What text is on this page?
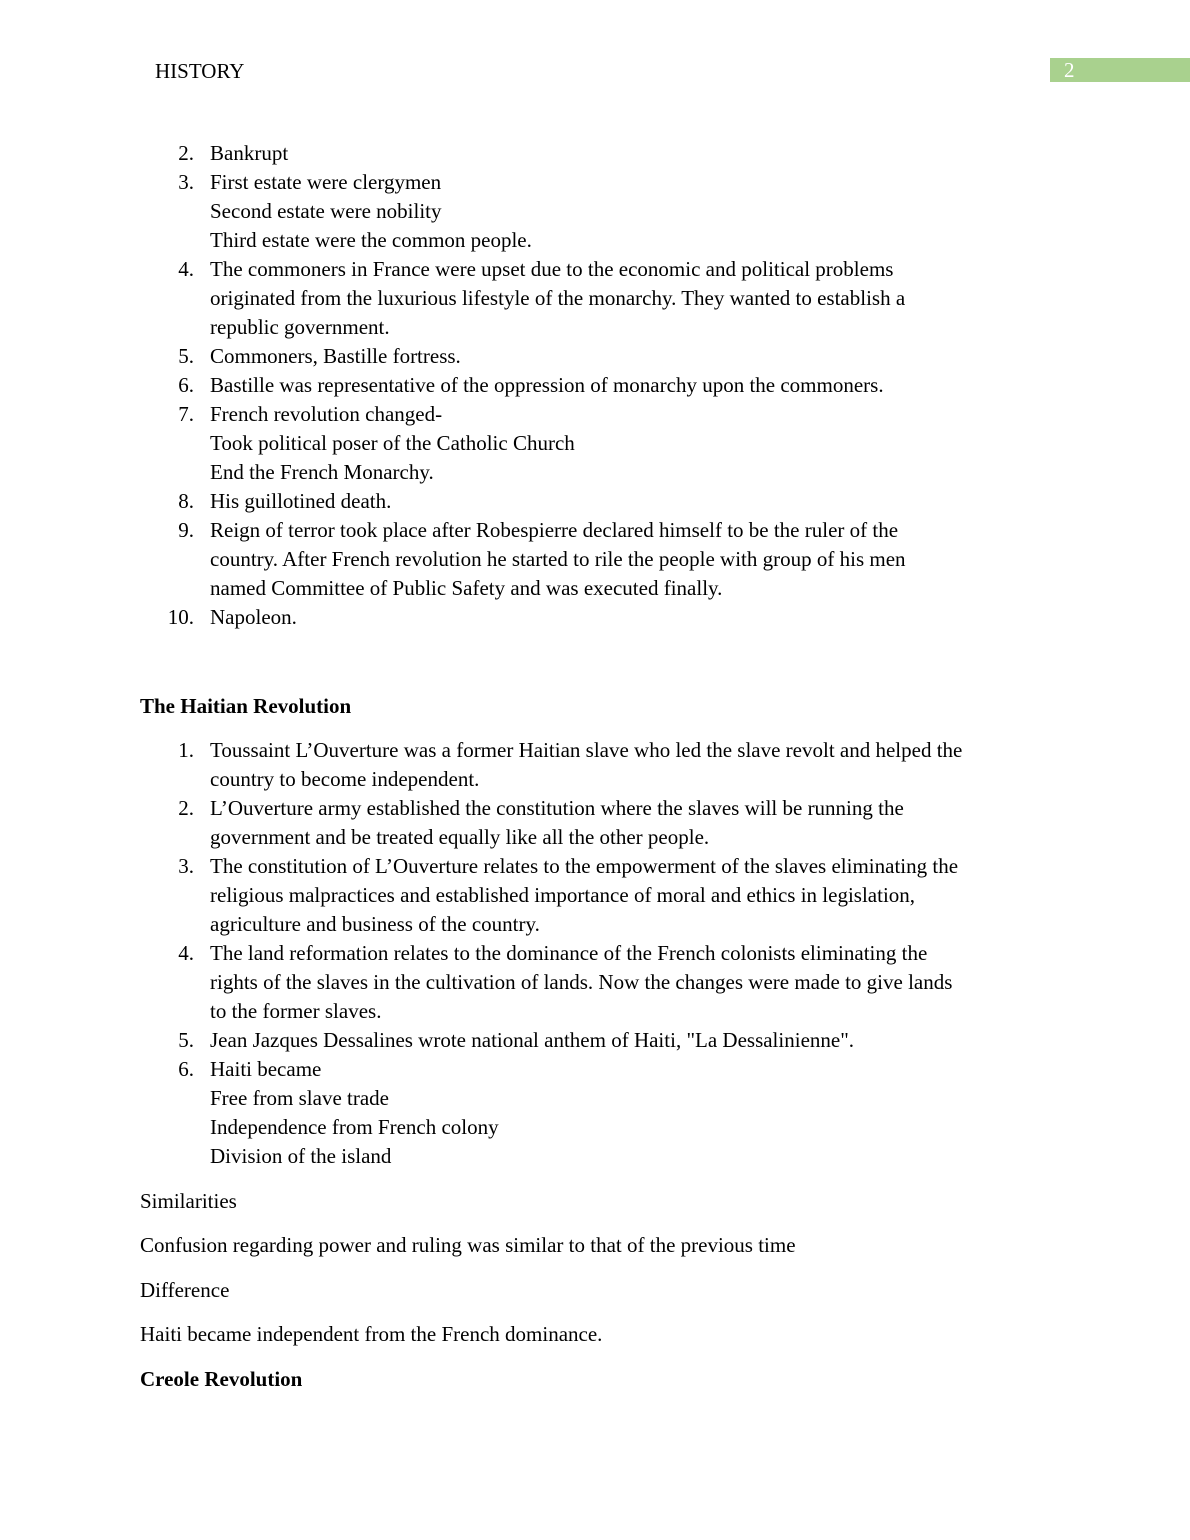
HISTORY	2
2. Bankrupt
3. First estate were clergymen
Second estate were nobility
Third estate were the common people.
4. The commoners in France were upset due to the economic and political problems
originated from the luxurious lifestyle of the monarchy. They wanted to establish a
republic government.
5. Commoners, Bastille fortress.
6. Bastille was representative of the oppression of monarchy upon the commoners.
7. French revolution changed-
Took political poser of the Catholic Church
End the French Monarchy.
8. His guillotined death.
9. Reign of terror took place after Robespierre declared himself to be the ruler of the
country. After French revolution he started to rile the people with group of his men
named Committee of Public Safety and was executed finally.
10. Napoleon.
The Haitian Revolution
1. Toussaint L’Ouverture was a former Haitian slave who led the slave revolt and helped the
country to become independent.
2. L’Ouverture army established the constitution where the slaves will be running the
government and be treated equally like all the other people.
3. The constitution of L’Ouverture relates to the empowerment of the slaves eliminating the
religious malpractices and established importance of moral and ethics in legislation,
agriculture and business of the country.
4. The land reformation relates to the dominance of the French colonists eliminating the
rights of the slaves in the cultivation of lands. Now the changes were made to give lands
to the former slaves.
5. Jean Jazques Dessalines wrote national anthem of Haiti, "La Dessalinienne".
6. Haiti became
Free from slave trade
Independence from French colony
Division of the island
Similarities
Confusion regarding power and ruling was similar to that of the previous time
Difference
Haiti became independent from the French dominance.
Creole Revolution
